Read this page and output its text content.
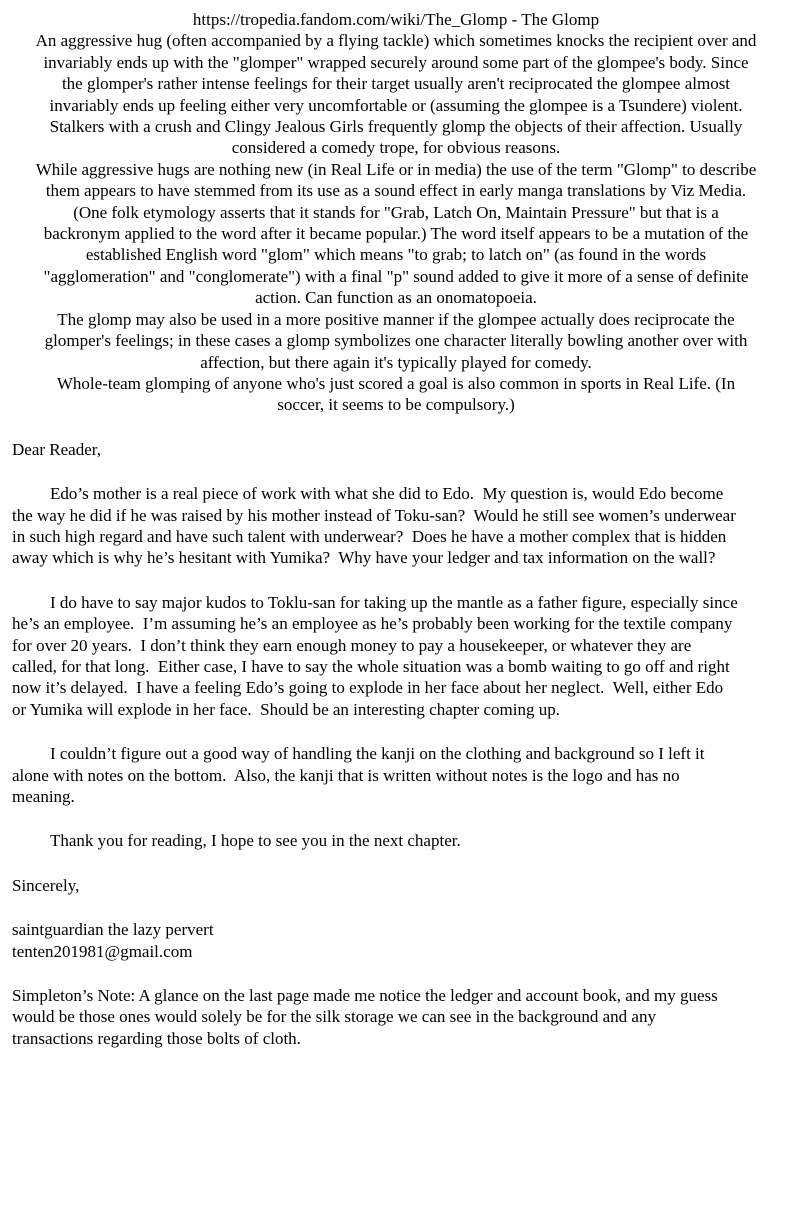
https://tropedia.fandom.com/wiki/The_Glomp - The Glomp
An aggressive hug (often accompanied by a flying tackle) which sometimes knocks the recipient over and
invariably ends up with the "glomper" wrapped securely around some part of the glompee's body. Since
the glomper's rather intense feelings for their target usually aren't reciprocated the glompee almost
invariably ends up feeling either very uncomfortable or (assuming the glompee is a Tsundere) violent.
Stalkers with a crush and Clingy Jealous Girls frequently glomp the objects of their affection. Usually
considered a comedy trope, for obvious reasons.
While aggressive hugs are nothing new (in Real Life or in media) the use of the term "Glomp" to describe
them appears to have stemmed from its use as a sound effect in early manga translations by Viz Media.
(One folk etymology asserts that it stands for "Grab, Latch On, Maintain Pressure" but that is a
backronym applied to the word after it became popular.) The word itself appears to be a mutation of the
established English word "glom" which means "to grab; to latch on" (as found in the words
"agglomeration" and "conglomerate") with a final "p" sound added to give it more of a sense of definite
action. Can function as an onomatopoeia.
The glomp may also be used in a more positive manner if the glompee actually does reciprocate the
glomper's feelings; in these cases a glomp symbolizes one character literally bowling another over with
affection, but there again it's typically played for comedy.
Whole-team glomping of anyone who's just scored a goal is also common in sports in Real Life. (In
soccer, it seems to be compulsory.)
Dear Reader,
Edo’s mother is a real piece of work with what she did to Edo.  My question is, would Edo become
the way he did if he was raised by his mother instead of Toku-san?  Would he still see women’s underwear
in such high regard and have such talent with underwear?  Does he have a mother complex that is hidden
away which is why he’s hesitant with Yumika?  Why have your ledger and tax information on the wall?
I do have to say major kudos to Toklu-san for taking up the mantle as a father figure, especially since
he’s an employee.  I’m assuming he’s an employee as he’s probably been working for the textile company
for over 20 years.  I don’t think they earn enough money to pay a housekeeper, or whatever they are
called, for that long.  Either case, I have to say the whole situation was a bomb waiting to go off and right
now it’s delayed.  I have a feeling Edo’s going to explode in her face about her neglect.  Well, either Edo
or Yumika will explode in her face.  Should be an interesting chapter coming up.
I couldn’t figure out a good way of handling the kanji on the clothing and background so I left it
alone with notes on the bottom.  Also, the kanji that is written without notes is the logo and has no
meaning.
Thank you for reading, I hope to see you in the next chapter.
Sincerely,
saintguardian the lazy pervert
tenten201981@gmail.com
Simpleton’s Note: A glance on the last page made me notice the ledger and account book, and my guess
would be those ones would solely be for the silk storage we can see in the background and any
transactions regarding those bolts of cloth.
